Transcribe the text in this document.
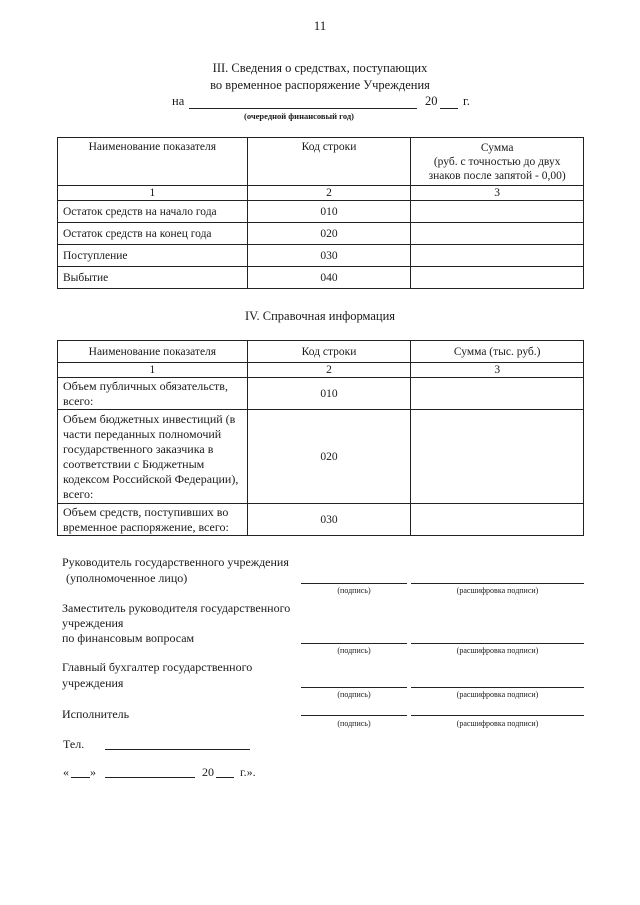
11
III. Сведения о средствах, поступающих
во временное распоряжение Учреждения
на	20 г.
(очередной финансовый год)
Наименование показателя	Код строки	Сумма
(руб. с точностью до двух
знаков после запятой - 0,00)

1	2	3
Остаток средств на начало года	010	
Остаток средств на конец года	020	
Поступление	030	
Выбытие	040	
IV. Справочная информация
Наименование показателя	Код строки	Сумма (тыс. руб.)
1	2	3
Объем публичных обязательств, всего:	010	
Объем бюджетных инвестиций (в части переданных полномочий государственного заказчика в соответствии с Бюджетным кодексом Российской Федерации), всего:	020	
Объем средств, поступивших во временное распоряжение, всего:	030	
Руководитель государственного учреждения
(уполномоченное лицо)
(подпись)	(расшифровка подписи)
Заместитель руководителя государственного
учреждения
по финансовым вопросам
(подпись)	(расшифровка подписи)
Главный бухгалтер государственного
учреждения
(подпись)	(расшифровка подписи)
Исполнитель
(подпись)	(расшифровка подписи)
Тел.
« »	20 г.».
